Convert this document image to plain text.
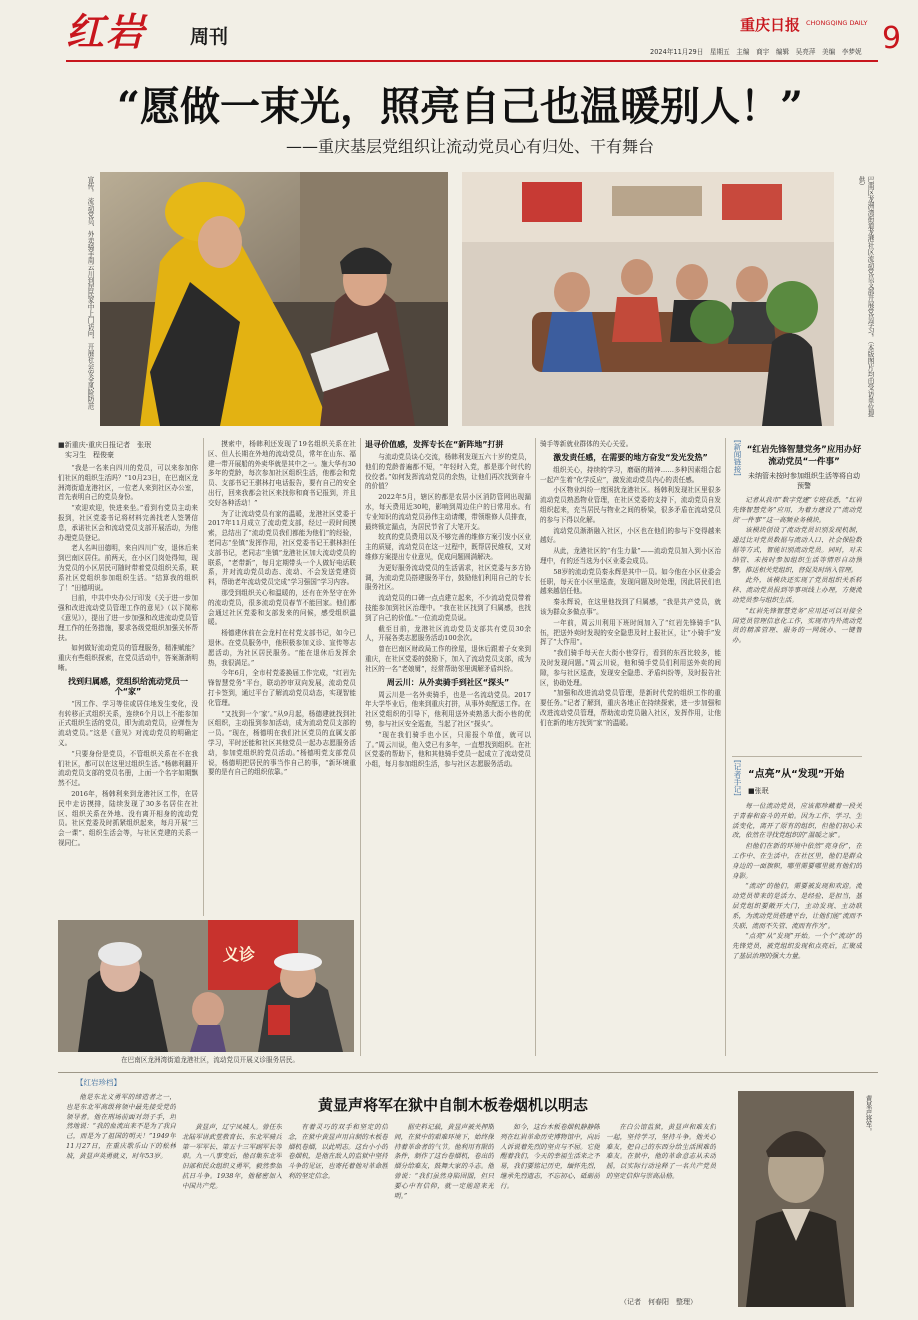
红岩 周刊
重庆日报 CHONGQING DAILY
2024年11月29日　星期五　主编　商宇　编辑　吴亮萍　美编　李梦妮 9
“愿做一束光，照亮自己也温暖别人！”
——重庆基层党组织让流动党员心有归处、干有舞台
宣传。 流动党员、外卖骑手周云川到居民家中上门访问，开展社会安全风险防范	巴南区龙洲湾街道龙港社区流动党员支部开展党员学习。（本版图片均由受访单位提供）
■新重庆-重庆日报记者　张珉
　实习生　程俊豪

“我是一名来自四川的党员，可以来参加你们社区的组织生活吗？”10月23日，在巴南区龙洲湾街道龙港社区，一位老人来到社区办公室，首先表明自己的党员身份。

“欢迎欢迎，快进来坐。”看到有党员主动来报到，社区党委书记将材料完善找老人签署信息，承诺社区会和流动党员支部开展活动，为他办理党员登记。

老人名叫田德明，来自四川广安，退休后来到巴南区居住。前两天，在小区门岗处得知，现为党员的小区居民可随时带着党员组织关系，联系社区党组织参加组织生活。“结算我的组织了！”田德明说。

目前，中共中央办公厅印发《关于进一步加强和改进流动党员管理工作的意见》（以下简称《意见》），提出了进一步加强和改进流动党员管理工作的任务措施，要求各级党组织加强关怀帮扶。

如何做好流动党员的管理服务，精准赋能？重庆有些组织探索，在党员活动中，答案渐渐明晰。

找到归属感，党组织给流动党员一个“家”

“因工作、学习等住或居住地发生变化，没有转移正式组织关系，连续6个月以上不能参加正式组织生活的党员，即为流动党员，应弹性为流动党员。”这是《意见》对流动党员的明确定义。

“只要身份是党员，不管组织关系在不在我们社区，都可以在这里过组织生活。”杨韩利翻开流动党员支部的党员名册，上面一个名字如期飘然不过。

2016年，杨韩利来到龙港社区工作，在居民中走访摸排，陆续发现了30多名居住在社区、组织关系在外地、没有离开相身的流动党员。社区党委及时抓紧组织起来，每月开展“三会一课”、组织生活会等，与社区党建的关系一视同仁。

摸索中，杨韩利还发现了19名组织关系在社区、但人长期在外地的流动党员，常年在山东、福建一带开展船的外卖华就是其中之一。施大华有30多年的党龄，每次参加社区组织生活，他都会和党员、支部书记王骐林打电话报告，要有自己的安全出行，回来我都会社区来找你和商书记报到，并且交好各种活动！”

为了让流动党员有家的温暖，龙港社区党委于2017年11月成立了流动党支部，经过一段时间摸索，总结出了“流动党员我们都能为他们”的经验，老同志“坐镇”发挥作用，社区党委书记王骐林担任支部书记，老同志“坐镇”龙港社区加大流动党员的联系，“老带新”，每月定期带头一个人做好电话联系，并对流动党员动态、流动、不会发送党建资料，帮助老年流动党员完成“学习强国”学习内容。

那受到组织关心和温暖的，还有在外坚守在外的流动党员，很多流动党员春节不能回家。他们都会通过社区党委和支部发来的问候，感受组织温暖。

杨德建休前在会龙村在村党支部书记，如今已退休。在党员服务中，他积极参加义诊、宣传等志愿活动，为社区居民服务。“能在退休后发挥余热，我很满足。”

今年6月，全市村党委换届工作完成，“红岩先锋智慧党务”平台，联动抄审双向发展，流动党员打卡签到，通过平台了解流动党员动态，实现智能化管理。

“又找到一个‘家’。”从9月起，杨德建就找到社区组织，主动报到参加活动，成为流动党员支部的一员。“现在，杨德明在我们社区党员的直属支部学习，平时还能和社区其他党员一起办志愿服务活动，参加党组织的党员活动。”杨德明党支部党员说，杨德明把居民的事当作自己的事，“新环境重要的是有自己的组织依靠。”

退寻价值感，发挥专长在“新阵地”打拼

与流动党员谈心交流，杨韩利发现五六十岁的党员，他们的党龄普遍都不短，“年轻时入党，都是那个时代的佼佼者。”如何发挥流动党员的余热，让他们再次找到奋斗的价值？

2022年5月，辖区的都是农居小区消防管网出现漏水，每天费用近30吨，影响到周边住户的日常用水。有专业知识的流动党员孙伟主动请缨，带领维修人员排查，最终锁定漏点，为居民节省了大笔开支。

较真的党员费用以及不够完善的维修方案引发小区业主的质疑，流动党员在这一过程中，既帮居民维权，又对维修方案提出专业意见，促成问题圆满解决。

为更好服务流动党员的生活需求，社区党委与多方协调，为流动党员搭建服务平台，鼓励他们利用自己的专长服务社区。

流动党员的口碑一点点建立起来，不少流动党员带着技能参加到社区治理中。“我在社区找到了归属感，也找到了自己的价值。”一位流动党员说。

截至目前，龙港社区流动党员支部共有党员30余人，开展各类志愿服务活动100余次。

曾在巴南区财政局工作的徐星，退休后跟着子女来到重庆，在社区党委的鼓励下，加入了流动党员支部，成为社区的一名“老娘舅”，经常帮助邻里调解矛盾纠纷。

周云川：从外卖骑手到社区“探头”

周云川是一名外卖骑手，也是一名流动党员。2017年大学毕业后，他来到重庆打拼，从事外卖配送工作。在社区党组织的引导下，他利用送外卖熟悉大街小巷的优势，参与社区安全巡查，当起了社区“探头”。

“现在我们骑手也小区，只需报个单值，就可以了。”周云川说，他入党已有多年，一直想找到组织。在社区党委的帮助下，他和其他骑手党员一起成立了流动党员小组，每月参加组织生活，参与社区志愿服务活动。

骑手等新就业群体的关心关爱。

激发责任感，在需要的地方奋发“发光发热”

组织关心，持续的学习，磨砺的精神……多种因素组合起一起产生着“化学反应”，激发流动党员内心的责任感。

小区物业纠纷一度困扰龙港社区。杨韩利发现社区里很多流动党员熟悉物业管理，在社区党委的支持下，流动党员自发组织起来，充当居民与物业之间的桥梁，很多矛盾在流动党员的参与下得以化解。

流动党员渐渐融入社区，小区也在他们的参与下变得越来越好。

从此，龙港社区的“有生力量”——流动党员加入到小区治理中，有的还当选为小区业委会成员。

58岁的流动党员秦永辉是其中一员。如今他在小区业委会任职，每天在小区里巡查，发现问题及时处理，因此居民们也越来越信任他。

秦永辉说，在这里他找到了归属感，“我是共产党员，就该为群众多做点事”。

一年前，周云川利用下班时间加入了“红岩先锋骑手”队伍，把送外卖时发现的安全隐患及时上报社区，让“小骑手”发挥了“大作用”。

“我们骑手每天在大街小巷穿行，看到的东西比较多，能及时发现问题。”周云川说，他和骑手党员们利用送外卖的间隙，参与社区巡查，发现安全隐患、矛盾纠纷等，及时报告社区，协助处理。

“加强和改进流动党员管理，是新时代党的组织工作的重要任务。”记者了解到，重庆各地正在持续探索，进一步加强和改进流动党员管理，帮助流动党员融入社区，发挥作用，让他们在新的地方找到“家”的温暖。

义诊
在巴南区龙洲湾街道龙港社区，流动党员开展义诊服务居民。
[新闻链接] “红岩先锋智慧党务”应用办好流动党员“一件事”
未纳管未按时参加组织生活等将自动预警

记者从我市“数字党建”专班获悉，“红岩先锋智慧党务”应用，为着力建设了“流动党员‘一件事’”这一高频业务模块。

该模块创设了流动党员识别发现机制，通过比对党员数据与流动人口、社会保险数据等方式，智能识别流动党员。同时，对未纳管、未按时参加组织生活等情形自动预警，推送相关党组织，督促及时纳入管理。

此外，该模块还实现了党员组织关系转移、流动党员报到等事项线上办理，方便流动党员参与组织生活。

“红岩先锋智慧党务”应用还可以对接全国党员管理信息化工作，实现市内外流动党员的精准管理、服务的一网统办、一键智办。

[记者手记] “点亮”从“发现”开始
■张珉

每一位流动党员，应该都珍藏着一段关于青春和奋斗的开始。因为工作、学习、生活变化，离开了原有的组织，但他们初心未改，依然在寻找党组织的“温暖之家”。

但他们在新的环境中依然“亮身份”，在工作中、在生活中，在社区里，他们是群众身边的一面旗帜，哪里需要哪里就有他们的身影。

“流动”的他们，需要被发现和欢迎。流动党员带来的是活力、是经验、是担当，基层党组织要敞开大门，主动发现、主动联系，为流动党员搭建平台，让他们能“流而不失联、流而不失管、流而有作为”。

“点亮”从“发现”开始。一个个“流动”的先锋党员，被党组织发现和点亮后，汇聚成了基层治理的强大力量。

【红岩珍档】
黄显声将军在狱中自制木板卷烟机以明志

他是东北义勇军的缔造者之一，也是东北军高级将领中最先接受党的领导者。他在刑场前面对刽子手，坦然地说：“我的血流出来不是为了我自己，而是为了祖国的明天！”1949年11月27日，在重庆歌乐山下的松林坡，黄显声英勇就义，时年53岁。

黄显声，辽宁凤城人。曾任东北陆军讲武堂教育长、东北军骑兵第一军军长、第五十三军副军长等职。九一八事变后，他召集东北军旧部和民众组织义勇军，毅然参加抗日斗争。1938年，他秘密加入中国共产党。

有着灵巧的双手和坚定的信念，在狱中黄显声用自制的木板卷烟机卷烟，以此明志。这台小小的卷烟机，是他在敌人的监狱中坚持斗争的见证，也寄托着他对革命胜利的坚定信念。

据史料记载，黄显声被关押期间，在狱中的艰难环境下，始终保持着革命者的气节。他利用有限的条件，制作了这台卷烟机，卷出的烟分给难友，鼓舞大家的斗志。他曾说：“我们虽然身陷囹圄，但只要心中有信仰，就一定能迎来光明。”

如今，这台木板卷烟机静静陈列在红岩革命历史博物馆中，向后人诉说着先烈的坚贞与不屈。它提醒着我们，今天的幸福生活来之不易，我们要铭记历史，缅怀先烈，继承先烈遗志，不忘初心，砥砺前行。

在白公馆监狱，黄显声和难友们一起，坚持学习，坚持斗争。他关心难友，把自己的东西分给生活困难的难友。在狱中，他的革命意志从未动摇，以实际行动诠释了一名共产党员的坚定信仰与崇高品格。

（记者　何春阳　整理）
黄显声将军。
